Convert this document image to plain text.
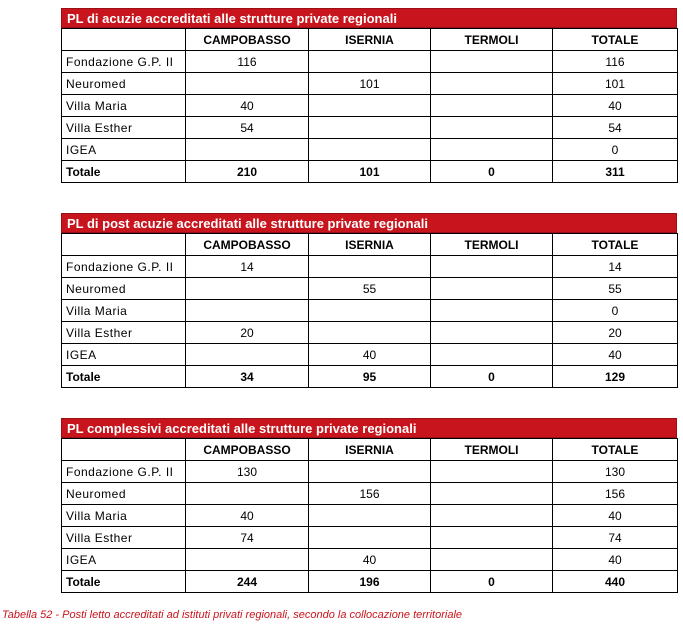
PL di acuzie accreditati alle strutture private regionali
	CAMPOBASSO	ISERNIA	TERMOLI	TOTALE
Fondazione G.P. II	116			116
Neuromed		101		101
Villa Maria	40			40
Villa Esther	54			54
IGEA				0
Totale	210	101	0	311
PL di post acuzie accreditati alle strutture private regionali
	CAMPOBASSO	ISERNIA	TERMOLI	TOTALE
Fondazione G.P. II	14			14
Neuromed		55		55
Villa Maria				0
Villa Esther	20			20
IGEA		40		40
Totale	34	95	0	129
PL complessivi accreditati alle strutture private regionali
	CAMPOBASSO	ISERNIA	TERMOLI	TOTALE
Fondazione G.P. II	130			130
Neuromed		156		156
Villa Maria	40			40
Villa Esther	74			74
IGEA		40		40
Totale	244	196	0	440
Tabella 52 - Posti letto accreditati ad istituti privati regionali, secondo la collocazione territoriale
